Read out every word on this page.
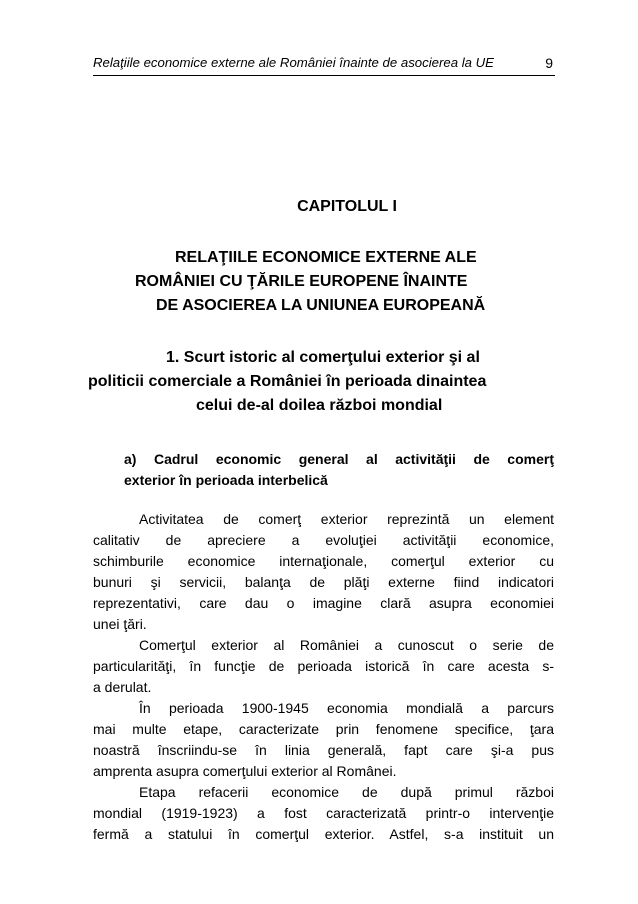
Relaţiile economice externe ale României înainte de asocierea la UE	9
CAPITOLUL I
RELAŢIILE ECONOMICE EXTERNE ALE
ROMÂNIEI CU ŢĂRILE EUROPENE ÎNAINTE
DE ASOCIEREA LA UNIUNEA EUROPEANĂ
1. Scurt istoric al comerţului exterior şi al
politicii comerciale a României în perioada dinaintea
celui de-al doilea război mondial
a) Cadrul economic general al activităţii de comerţ
exterior în perioada interbelică
Activitatea de comerţ exterior reprezintă un element
calitativ de apreciere a evoluţiei activităţii economice,
schimburile economice internaţionale, comerţul exterior cu
bunuri şi servicii, balanţa de plăţi externe fiind indicatori
reprezentativi, care dau o imagine clară asupra economiei
unei ţări.
Comerţul exterior al României a cunoscut o serie de
particularităţi, în funcţie de perioada istorică în care acesta s-
a derulat.
În perioada 1900-1945 economia mondială a parcurs
mai multe etape, caracterizate prin fenomene specifice, ţara
noastră înscriindu-se în linia generală, fapt care şi-a pus
amprenta asupra comerţului exterior al Românei.
Etapa refacerii economice de după primul război
mondial (1919-1923) a fost caracterizată printr-o intervenţie
fermă a statului în comerţul exterior. Astfel, s-a instituit un
